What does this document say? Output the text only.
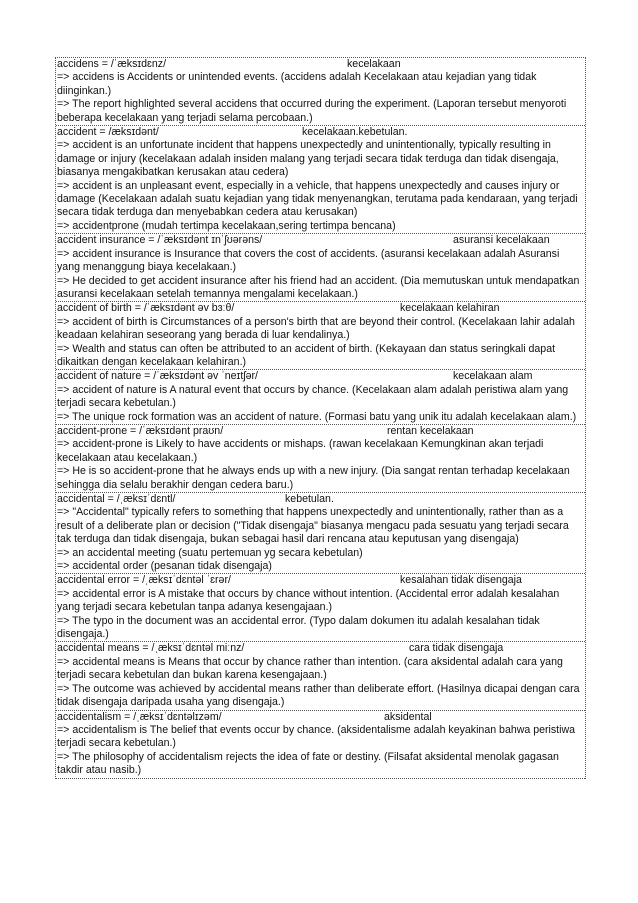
accidens = /ˈæksɪdɛnz/	kecelakaan
=> accidens is Accidents or unintended events. (accidens adalah Kecelakaan atau kejadian yang tidak diinginkan.)
=> The report highlighted several accidens that occurred during the experiment. (Laporan tersebut menyoroti beberapa kecelakaan yang terjadi selama percobaan.)
accident = /æksɪdənt/	kecelakaan.kebetulan.
=> accident is an unfortunate incident that happens unexpectedly and unintentionally, typically resulting in damage or injury (kecelakaan adalah insiden malang yang terjadi secara tidak terduga dan tidak disengaja, biasanya mengakibatkan kerusakan atau cedera)
=> accident is an unpleasant event, especially in a vehicle, that happens unexpectedly and causes injury or damage (Kecelakaan adalah suatu kejadian yang tidak menyenangkan, terutama pada kendaraan, yang terjadi secara tidak terduga dan menyebabkan cedera atau kerusakan)
=> accidentprone (mudah tertimpa kecelakaan,sering tertimpa bencana)
accident insurance = /ˈæksɪdənt ɪnˈʃʊərəns/	asuransi kecelakaan
=> accident insurance is Insurance that covers the cost of accidents. (asuransi kecelakaan adalah Asuransi yang menanggung biaya kecelakaan.)
=> He decided to get accident insurance after his friend had an accident. (Dia memutuskan untuk mendapatkan asuransi kecelakaan setelah temannya mengalami kecelakaan.)
accident of birth = /ˈæksɪdənt əv bɜːθ/	kecelakaan kelahiran
=> accident of birth is Circumstances of a person's birth that are beyond their control. (Kecelakaan lahir adalah keadaan kelahiran seseorang yang berada di luar kendalinya.)
=> Wealth and status can often be attributed to an accident of birth. (Kekayaan dan status seringkali dapat dikaitkan dengan kecelakaan kelahiran.)
accident of nature = /ˈæksɪdənt əv ˈneɪtʃər/	kecelakaan alam
=> accident of nature is A natural event that occurs by chance. (Kecelakaan alam adalah peristiwa alam yang terjadi secara kebetulan.)
=> The unique rock formation was an accident of nature. (Formasi batu yang unik itu adalah kecelakaan alam.)
accident-prone = /ˈæksɪdənt praʊn/	rentan kecelakaan
=> accident-prone is Likely to have accidents or mishaps. (rawan kecelakaan Kemungkinan akan terjadi kecelakaan atau kecelakaan.)
=> He is so accident-prone that he always ends up with a new injury. (Dia sangat rentan terhadap kecelakaan sehingga dia selalu berakhir dengan cedera baru.)
accidental = /ˌæksɪˈdɛntl/	kebetulan.
=> "Accidental" typically refers to something that happens unexpectedly and unintentionally, rather than as a result of a deliberate plan or decision ("Tidak disengaja" biasanya mengacu pada sesuatu yang terjadi secara tak terduga dan tidak disengaja, bukan sebagai hasil dari rencana atau keputusan yang disengaja)
=> an accidental meeting (suatu pertemuan yg secara kebetulan)
=> accidental order (pesanan tidak disengaja)
accidental error = /ˌæksɪˈdɛntəl ˈɛrər/	kesalahan tidak disengaja
=> accidental error is A mistake that occurs by chance without intention. (Accidental error adalah kesalahan yang terjadi secara kebetulan tanpa adanya kesengajaan.)
=> The typo in the document was an accidental error. (Typo dalam dokumen itu adalah kesalahan tidak disengaja.)
accidental means = /ˌæksɪˈdɛntəl miːnz/	cara tidak disengaja
=> accidental means is Means that occur by chance rather than intention. (cara aksidental adalah cara yang terjadi secara kebetulan dan bukan karena kesengajaan.)
=> The outcome was achieved by accidental means rather than deliberate effort. (Hasilnya dicapai dengan cara tidak disengaja daripada usaha yang disengaja.)
accidentalism = /ˌæksɪˈdɛntəlɪzəm/	aksidental
=> accidentalism is The belief that events occur by chance. (aksidentalisme adalah keyakinan bahwa peristiwa terjadi secara kebetulan.)
=> The philosophy of accidentalism rejects the idea of fate or destiny. (Filsafat aksidental menolak gagasan takdir atau nasib.)
